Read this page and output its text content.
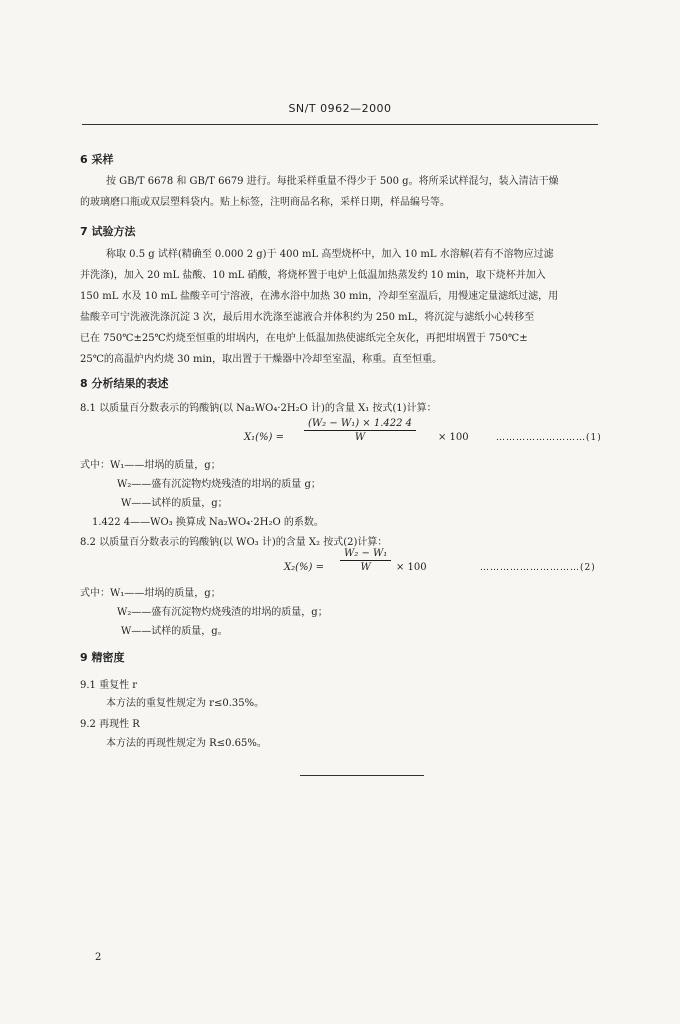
SN/T 0962—2000
6 采样
按 GB/T 6678 和 GB/T 6679 进行。每批采样重量不得少于 500 g。将所采试样混匀，装入清洁干燥
的玻璃磨口瓶或双层塑料袋内。贴上标签，注明商品名称，采样日期，样品编号等。
7 试验方法
称取 0.5 g 试样(精确至 0.000 2 g)于 400 mL 高型烧杯中，加入 10 mL 水溶解(若有不溶物应过滤
并洗涤)，加入 20 mL 盐酸、10 mL 硝酸，将烧杯置于电炉上低温加热蒸发约 10 min，取下烧杯并加入
150 mL 水及 10 mL 盐酸辛可宁溶液，在沸水浴中加热 30 min，冷却至室温后，用慢速定量滤纸过滤，用
盐酸辛可宁洗液洗涤沉淀 3 次，最后用水洗涤至滤液合并体积约为 250 mL，将沉淀与滤纸小心转移至
已在 750℃±25℃灼烧至恒重的坩埚内，在电炉上低温加热使滤纸完全灰化，再把坩埚置于 750℃±
25℃的高温炉内灼烧 30 min，取出置于干燥器中冷却至室温，称重。直至恒重。
8 分析结果的表述
8.1 以质量百分数表示的钨酸钠(以 Na₂WO₄·2H₂O 计)的含量 X₁ 按式(1)计算：
$X_1(\%) = \frac{\text{(W₂ − W₁) × 1.422 4}}{W} \times 100$	………………………(1)
式中：W₁——坩埚的质量，g；
W₂——盛有沉淀物灼烧残渣的坩埚的质量 g；
W——试样的质量，g；
1.422 4——WO₃ 换算成 Na₂WO₄·2H₂O 的系数。
8.2 以质量百分数表示的钨酸钠(以 WO₃ 计)的含量 X₂ 按式(2)计算：
$X_2(\%) = \frac{\text{W₂ − W₁}}{W} \times 100$	…………………………(2)
式中：W₁——坩埚的质量，g；
W₂——盛有沉淀物灼烧残渣的坩埚的质量，g；
W——试样的质量，g。
9 精密度
9.1 重复性 r
本方法的重复性规定为 r≤0.35%。
9.2 再现性 R
本方法的再现性规定为 R≤0.65%。
2
